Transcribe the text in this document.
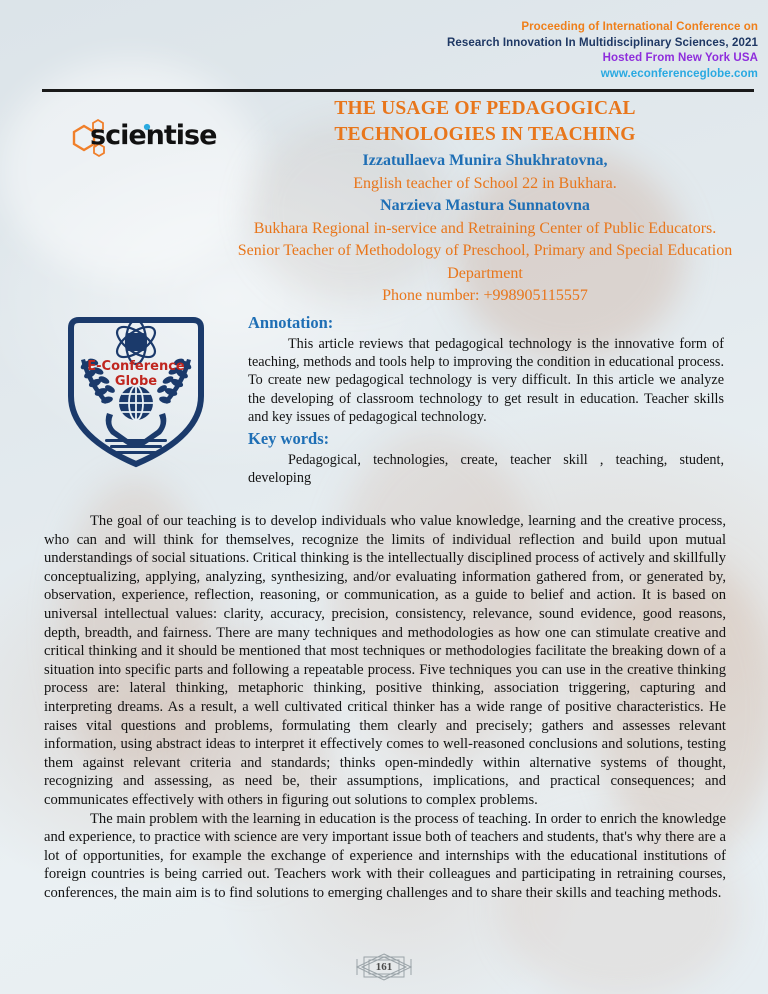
Proceeding of International Conference on
Research Innovation In Multidisciplinary Sciences, 2021
Hosted From New York USA
www.econferenceglobe.com
scientise
E-Conference
Globe
THE USAGE OF PEDAGOGICAL
TECHNOLOGIES IN TEACHING
Izzatullaeva Munira Shukhratovna,
English teacher of School 22 in Bukhara.
Narzieva Mastura Sunnatovna
Bukhara Regional in-service and Retraining Center of Public Educators. Senior Teacher of Methodology of Preschool, Primary and Special Education Department
Phone number: +998905115557
Annotation:

This article reviews that pedagogical technology is the innovative form of teaching, methods and tools help to improving the condition in educational process. To create new pedagogical technology is very difficult. In this article we analyze the developing of classroom technology to get result in education. Teacher skills and key issues of pedagogical technology.

Key words:

Pedagogical, technologies, create, teacher skill , teaching, student, developing

The goal of our teaching is to develop individuals who value knowledge, learning and the creative process, who can and will think for themselves, recognize the limits of individual reflection and build upon mutual understandings of social situations. Critical thinking is the intellectually disciplined process of actively and skillfully conceptualizing, applying, analyzing, synthesizing, and/or evaluating information gathered from, or generated by, observation, experience, reflection, reasoning, or communication, as a guide to belief and action. It is based on universal intellectual values: clarity, accuracy, precision, consistency, relevance, sound evidence, good reasons, depth, breadth, and fairness. There are many techniques and methodologies as how one can stimulate creative and critical thinking and it should be mentioned that most techniques or methodologies facilitate the breaking down of a situation into specific parts and following a repeatable process. Five techniques you can use in the creative thinking process are: lateral thinking, metaphoric thinking, positive thinking, association triggering, capturing and interpreting dreams. As a result, a well cultivated critical thinker has a wide range of positive characteristics. He raises vital questions and problems, formulating them clearly and precisely; gathers and assesses relevant information, using abstract ideas to interpret it effectively comes to well-reasoned conclusions and solutions, testing them against relevant criteria and standards; thinks open-mindedly within alternative systems of thought, recognizing and assessing, as need be, their assumptions, implications, and practical consequences; and communicates effectively with others in figuring out solutions to complex problems.

The main problem with the learning in education is the process of teaching. In order to enrich the knowledge and experience, to practice with science are very important issue both of teachers and students, that's why there are a lot of opportunities, for example the exchange of experience and internships with the educational institutions of foreign countries is being carried out. Teachers work with their colleagues and participating in retraining courses, conferences, the main aim is to find solutions to emerging challenges and to share their skills and teaching methods.

161
